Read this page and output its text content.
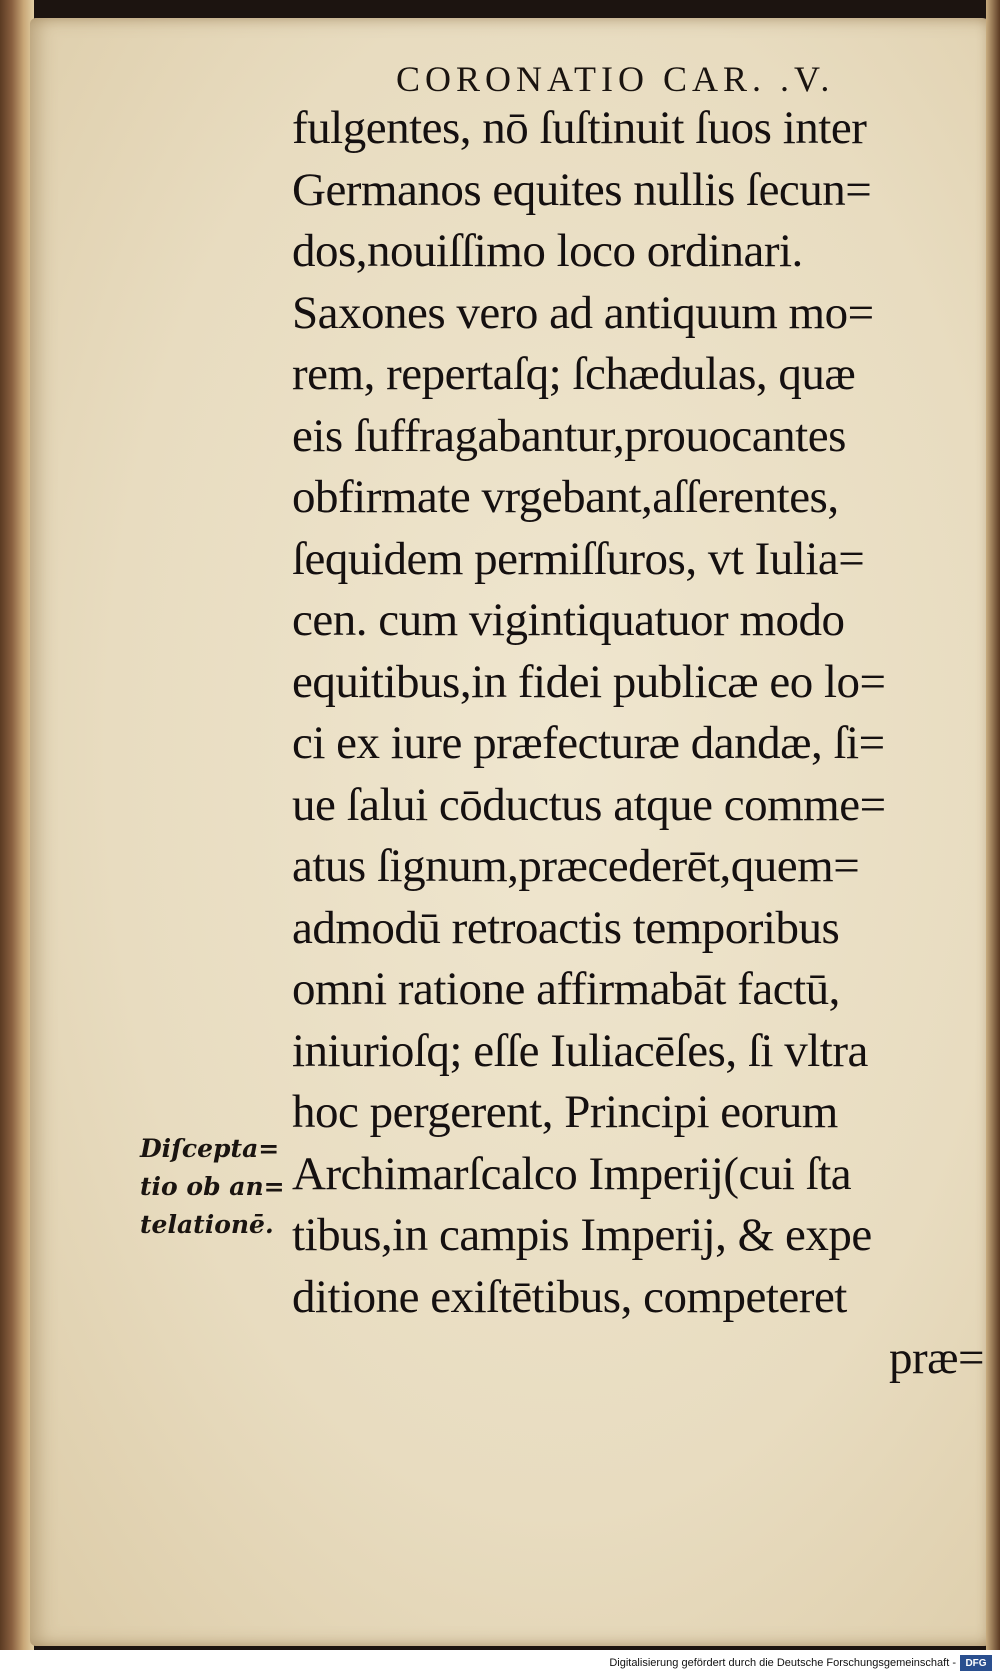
CORONATIO CAR. .V.
fulgentes, nō ſuſtinuit ſuos inter
Germanos equites nullis ſecun=
dos,nouiſſimo loco ordinari.
Saxones vero ad antiquum mo=
rem, repertaſq; ſchædulas, quæ
eis ſuffragabantur,prouocantes
obfirmate vrgebant,aſſerentes,
ſequidem permiſſuros, vt Iulia=
cen. cum vigintiquatuor modo
equitibus,in fidei publicæ eo lo=
ci ex iure præfecturæ dandæ, ſi=
ue ſalui cōductus atque comme=
atus ſignum,præcederēt,quem=
admodū retroactis temporibus
omni ratione affirmabāt factū,
iniurioſq; eſſe Iuliacēſes, ſi vltra
hoc pergerent, Principi eorum
Archimarſcalco Imperij(cui ſta
tibus,in campis Imperij, & expe
ditione exiſtētibus, competeret
præ=
Diſcepta=
tio ob an=
telationē.
Digitalisierung gefördert durch die Deutsche Forschungsgemeinschaft - DFG
